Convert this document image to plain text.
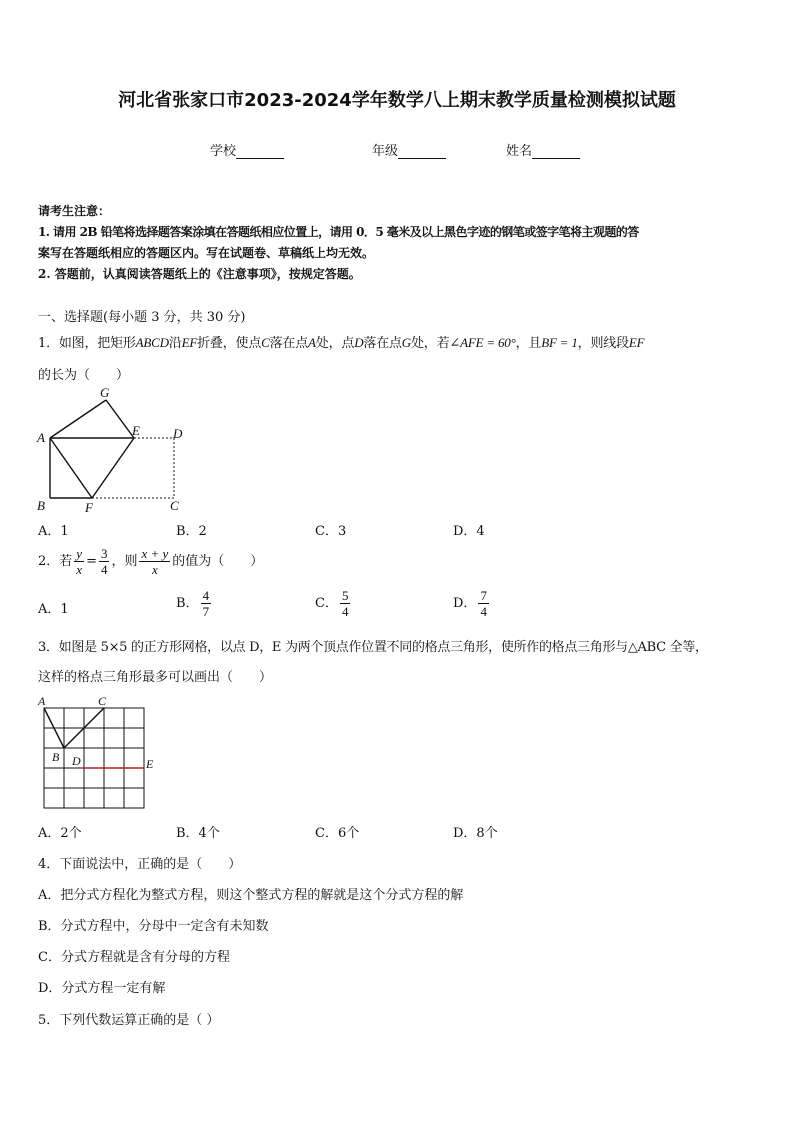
河北省张家口市2023-2024学年数学八上期末教学质量检测模拟试题
学校	年级	姓名
请考生注意：
1. 请用 2B 铅笔将选择题答案涂填在答题纸相应位置上，请用 0．5 毫米及以上黑色字迹的钢笔或签字笔将主观题的答
案写在答题纸相应的答题区内。写在试题卷、草稿纸上均无效。
2. 答题前，认真阅读答题纸上的《注意事项》，按规定答题。
一、选择题(每小题 3 分，共 30 分)
1．如图，把矩形ABCD沿EF折叠，使点C落在点A处，点D落在点G处，若∠AFE = 60°，且BF = 1，则线段EF
的长为（　　）
A
B	C
D
E
F
G
A．1	B．2	C．3	D．4
2．若 $\frac{y}{x} = \frac{3}{4}$ ，则 $\frac{x + y}{x}$ 的值为（　　）
A．1	B． $\frac{4}{7}$	C． $\frac{5}{4}$	D． $\frac{7}{4}$
3．如图是 5×5 的正方形网格，以点 D，E 为两个顶点作位置不同的格点三角形，使所作的格点三角形与△ABC 全等，
这样的格点三角形最多可以画出（　　）
A	C
B D	E
A．2个	B．4个	C．6个	D．8个
4．下面说法中，正确的是（　　）
A．把分式方程化为整式方程，则这个整式方程的解就是这个分式方程的解
B．分式方程中，分母中一定含有未知数
C．分式方程就是含有分母的方程
D．分式方程一定有解
5．下列代数运算正确的是（ ）
